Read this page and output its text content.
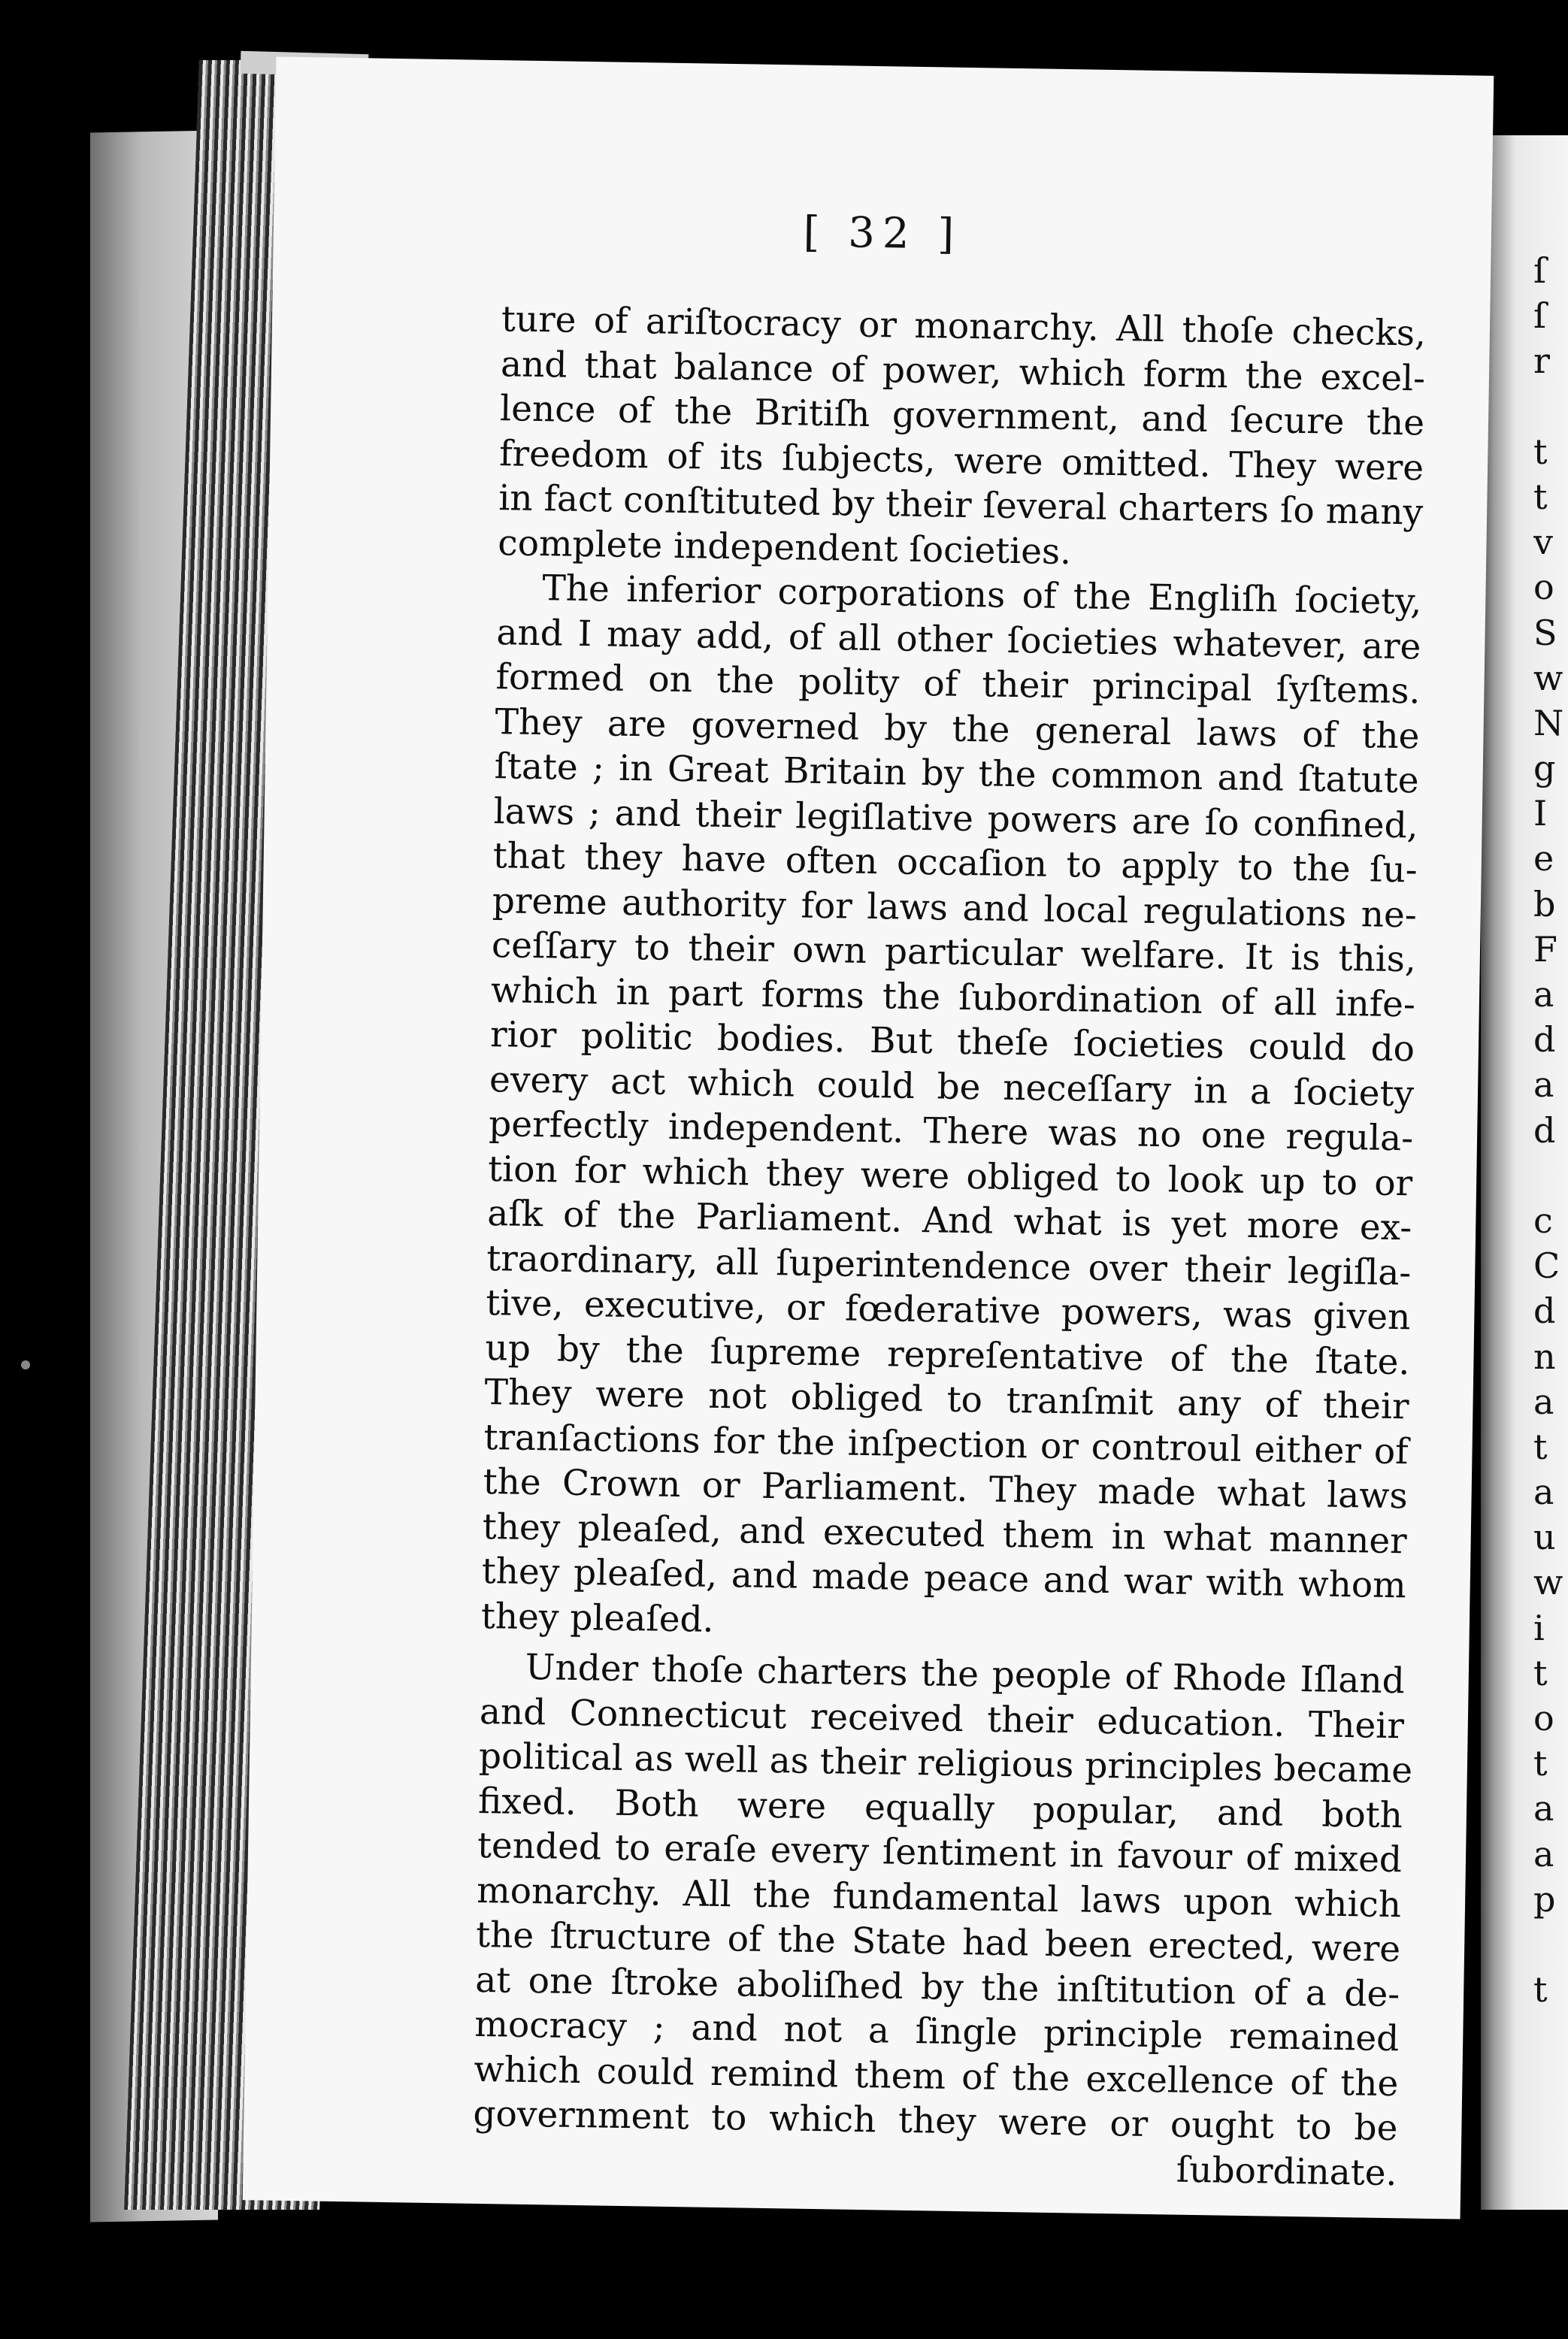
ſ
ſ
r
t
t
v
o
S
w
N
g
I
e
b
F
a
d
a
d
c
C
d
n
a
t
a
u
w
i
t
o
t
a
a
p
t
[ 32 ]
ture of ariſtocracy or monarchy. All thoſe checks,
and that balance of power, which form the excel-
lence of the Britiſh government, and ſecure the
freedom of its ſubjects, were omitted. They were
in fact conſtituted by their ſeveral charters ſo many
complete independent ſocieties.
The inferior corporations of the Engliſh ſociety,
and I may add, of all other ſocieties whatever, are
formed on the polity of their principal ſyſtems.
They are governed by the general laws of the
ſtate ; in Great Britain by the common and ſtatute
laws ; and their legiſlative powers are ſo confined,
that they have often occaſion to apply to the ſu-
preme authority for laws and local regulations ne-
ceſſary to their own particular welfare. It is this,
which in part forms the ſubordination of all infe-
rior politic bodies. But theſe ſocieties could do
every act which could be neceſſary in a ſociety
perfectly independent. There was no one regula-
tion for which they were obliged to look up to or
aſk of the Parliament. And what is yet more ex-
traordinary, all ſuperintendence over their legiſla-
tive, executive, or fœderative powers, was given
up by the ſupreme repreſentative of the ſtate.
They were not obliged to tranſmit any of their
tranſactions for the inſpection or controul either of
the Crown or Parliament. They made what laws
they pleaſed, and executed them in what manner
they pleaſed, and made peace and war with whom
they pleaſed.
Under thoſe charters the people of Rhode Iſland
and Connecticut received their education. Their
political as well as their religious principles became
fixed. Both were equally popular, and both
tended to eraſe every ſentiment in favour of mixed
monarchy. All the fundamental laws upon which
the ſtructure of the State had been erected, were
at one ſtroke aboliſhed by the inſtitution of a de-
mocracy ; and not a ſingle principle remained
which could remind them of the excellence of the
government to which they were or ought to be
ſubordinate.
